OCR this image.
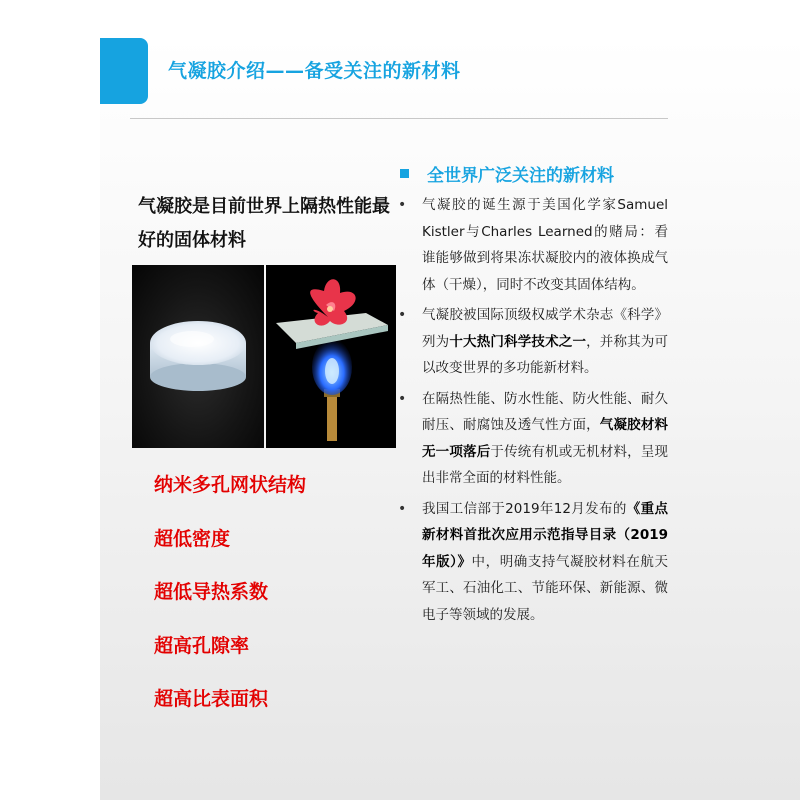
气凝胶介绍——备受关注的新材料
气凝胶是目前世界上隔热性能最好的固体材料
纳米多孔网状结构
超低密度
超低导热系数
超高孔隙率
超高比表面积
全世界广泛关注的新材料
• 气凝胶的诞生源于美国化学家Samuel Kistler与Charles Learned的赌局：看谁能够做到将果冻状凝胶内的液体换成气体（干燥），同时不改变其固体结构。
• 气凝胶被国际顶级权威学术杂志《科学》列为十大热门科学技术之一，并称其为可以改变世界的多功能新材料。
• 在隔热性能、防水性能、防火性能、耐久耐压、耐腐蚀及透气性方面，气凝胶材料无一项落后于传统有机或无机材料，呈现出非常全面的材料性能。
• 我国工信部于2019年12月发布的《重点新材料首批次应用示范指导目录（2019年版）》中，明确支持气凝胶材料在航天军工、石油化工、节能环保、新能源、微电子等领域的发展。
